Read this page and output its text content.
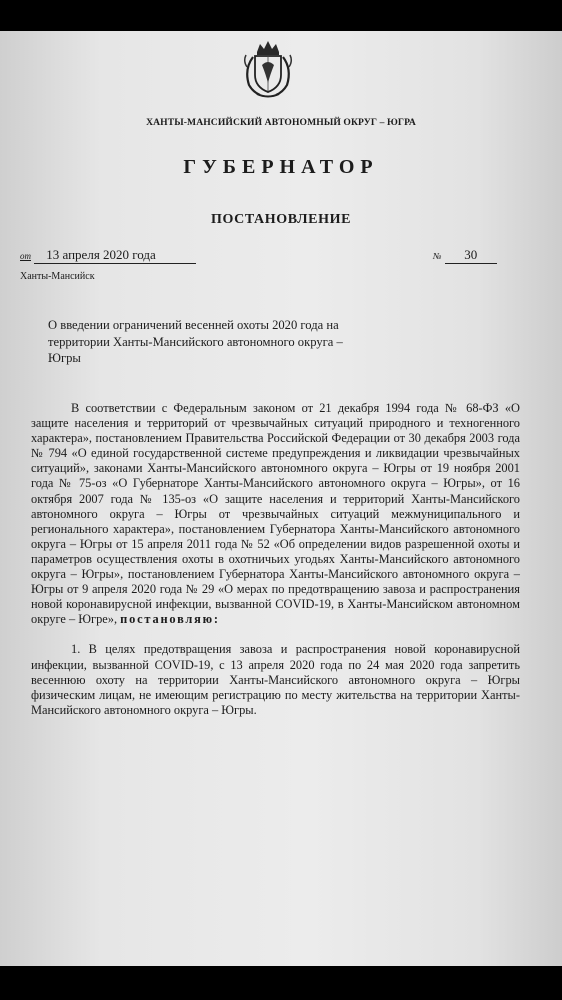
ХАНТЫ-МАНСИЙСКИЙ АВТОНОМНЫЙ ОКРУГ – ЮГРА
ГУБЕРНАТОР
ПОСТАНОВЛЕНИЕ
от 13 апреля 2020 года	№ 30
Ханты-Мансийск
О введении ограничений весенней охоты 2020 года на территории Ханты-Мансийского автономного округа – Югры

В соответствии с Федеральным законом от 21 декабря 1994 года № 68-ФЗ «О защите населения и территорий от чрезвычайных ситуаций природного и техногенного характера», постановлением Правительства Российской Федерации от 30 декабря 2003 года № 794 «О единой государственной системе предупреждения и ликвидации чрезвычайных ситуаций», законами Ханты-Мансийского автономного округа – Югры от 19 ноября 2001 года № 75-оз «О Губернаторе Ханты-Мансийского автономного округа – Югры», от 16 октября 2007 года № 135-оз «О защите населения и территорий Ханты-Мансийского автономного округа – Югры от чрезвычайных ситуаций межмуниципального и регионального характера», постановлением Губернатора Ханты-Мансийского автономного округа – Югры от 15 апреля 2011 года № 52 «Об определении видов разрешенной охоты и параметров осуществления охоты в охотничьих угодьях Ханты-Мансийского автономного округа – Югры», постановлением Губернатора Ханты-Мансийского автономного округа – Югры от 9 апреля 2020 года № 29 «О мерах по предотвращению завоза и распространения новой коронавирусной инфекции, вызванной COVID-19, в Ханты-Мансийском автономном округе – Югре», постановляю:

1. В целях предотвращения завоза и распространения новой коронавирусной инфекции, вызванной COVID-19, с 13 апреля 2020 года по 24 мая 2020 года запретить весеннюю охоту на территории Ханты-Мансийского автономного округа – Югры физическим лицам, не имеющим регистрацию по месту жительства на территории Ханты-Мансийского автономного округа – Югры.
